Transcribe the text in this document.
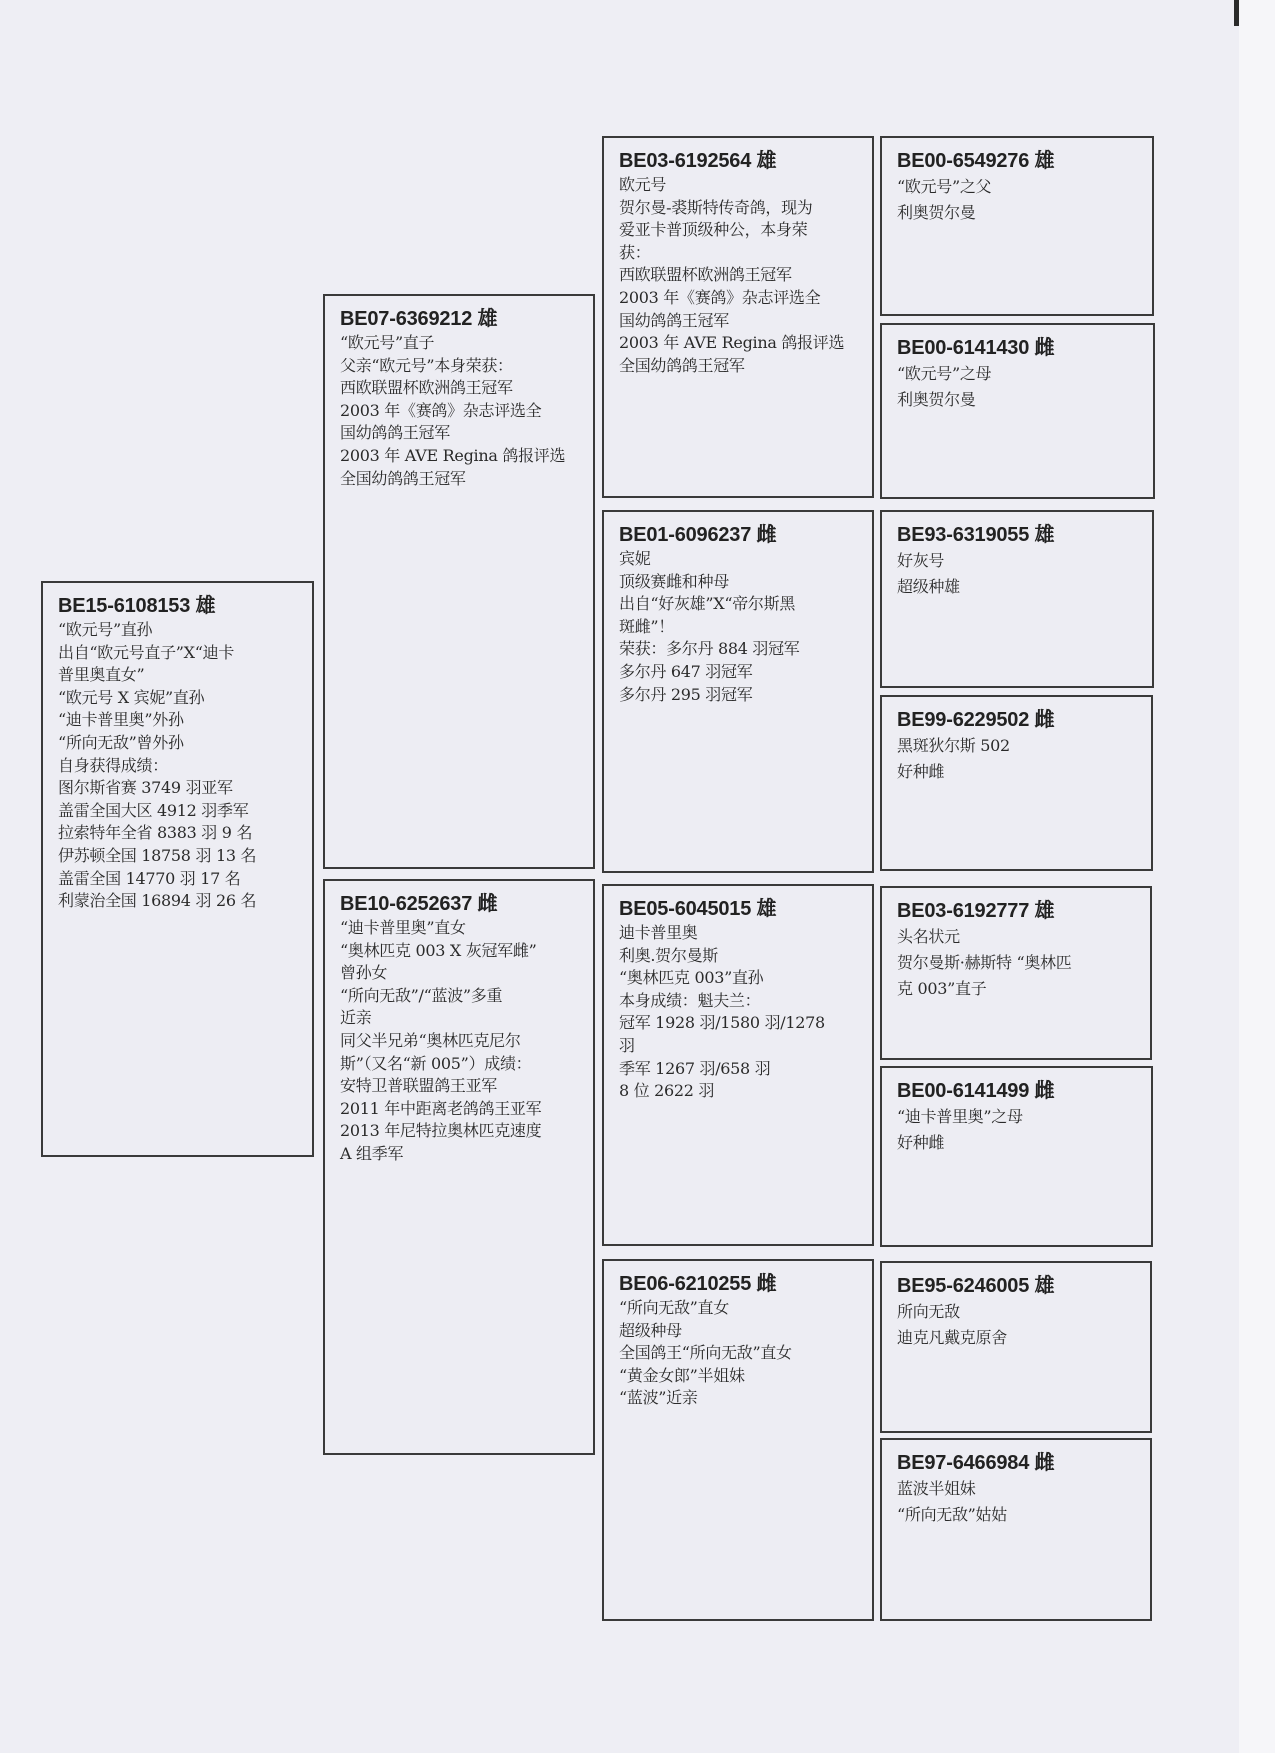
BE15-6108153 雄
“欧元号”直孙
出自“欧元号直子”X“迪卡
普里奥直女”
“欧元号 X 宾妮”直孙
“迪卡普里奥”外孙
“所向无敌”曾外孙
自身获得成绩：
图尔斯省赛 3749 羽亚军
盖雷全国大区 4912 羽季军
拉索特年全省 8383 羽 9 名
伊苏顿全国 18758 羽 13 名
盖雷全国 14770 羽 17 名
利蒙治全国 16894 羽 26 名
BE07-6369212 雄
“欧元号”直子
父亲“欧元号”本身荣获：
西欧联盟杯欧洲鸽王冠军
2003 年《赛鸽》杂志评选全
国幼鸽鸽王冠军
2003 年 AVE Regina 鸽报评选
全国幼鸽鸽王冠军
BE10-6252637 雌
“迪卡普里奥”直女
“奥林匹克 003 X 灰冠军雌”
曾孙女
“所向无敌”/“蓝波”多重
近亲
同父半兄弟“奥林匹克尼尔
斯”（又名“新 005”）成绩：
安特卫普联盟鸽王亚军
2011 年中距离老鸽鸽王亚军
2013 年尼特拉奥林匹克速度
A 组季军
BE03-6192564 雄
欧元号
贺尔曼-裘斯特传奇鸽，现为
爱亚卡普顶级种公，本身荣
获：
西欧联盟杯欧洲鸽王冠军
2003 年《赛鸽》杂志评选全
国幼鸽鸽王冠军
2003 年 AVE Regina 鸽报评选
全国幼鸽鸽王冠军
BE01-6096237 雌
宾妮
顶级赛雌和种母
出自“好灰雄”X“帝尔斯黑
斑雌”！
荣获：多尔丹 884 羽冠军
多尔丹 647 羽冠军
多尔丹 295 羽冠军
BE05-6045015 雄
迪卡普里奥
利奥.贺尔曼斯
“奥林匹克 003”直孙
本身成绩：魁夫兰：
冠军 1928 羽/1580 羽/1278
羽
季军 1267 羽/658 羽
8 位 2622 羽
BE06-6210255 雌
“所向无敌”直女
超级种母
全国鸽王“所向无敌”直女
“黄金女郎”半姐妹
“蓝波”近亲
BE00-6549276 雄
“欧元号”之父
利奥贺尔曼
BE00-6141430 雌
“欧元号”之母
利奥贺尔曼
BE93-6319055 雄
好灰号
超级种雄
BE99-6229502 雌
黑斑狄尔斯 502
好种雌
BE03-6192777 雄
头名状元
贺尔曼斯·赫斯特 “奥林匹
克 003”直子
BE00-6141499 雌
“迪卡普里奥”之母
好种雌
BE95-6246005 雄
所向无敌
迪克凡戴克原舍
BE97-6466984 雌
蓝波半姐妹
“所向无敌”姑姑
